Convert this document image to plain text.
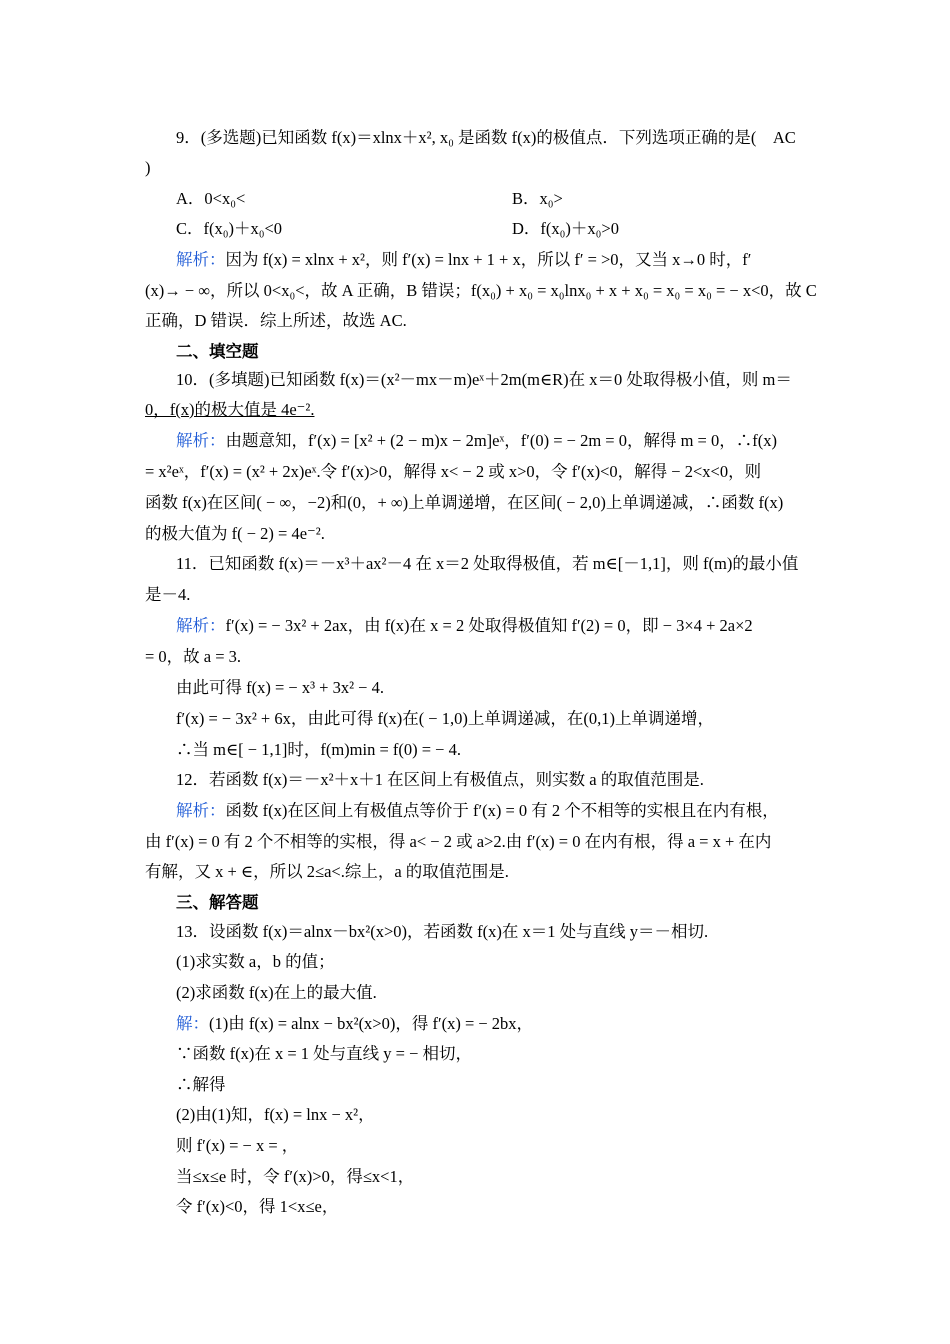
9．(多选题)已知函数 f(x)＝xlnx＋x², x₀ 是函数 f(x)的极值点．下列选项正确的是(　AC
)
A．0<x₀<	B．x₀>
C．f(x₀)＋x₀<0	D．f(x₀)＋x₀>0
解析：因为 f(x) = xlnx + x²，则 f′(x) = lnx + 1 + x，所以 f′ = >0，又当 x→0 时，f′
(x)→ − ∞，所以 0<x₀<，故 A 正确，B 错误；f(x₀) + x₀ = x₀lnx₀ + x + x₀ = x₀ = x₀ = − x<0，故 C
正确，D 错误．综上所述，故选 AC.
二、填空题
10．(多填题)已知函数 f(x)＝(x²－mx－m)eˣ＋2m(m∈R)在 x＝0 处取得极小值，则 m＝
0，f(x)的极大值是 4e⁻².
解析：由题意知，f′(x) = [x² + (2 − m)x − 2m]eˣ，f′(0) = − 2m = 0，解得 m = 0，∴f(x)
= x²eˣ，f′(x) = (x² + 2x)eˣ.令 f′(x)>0，解得 x< − 2 或 x>0，令 f′(x)<0，解得 − 2<x<0，则
函数 f(x)在区间( − ∞，−2)和(0，+ ∞)上单调递增，在区间( − 2,0)上单调递减，∴函数 f(x)
的极大值为 f( − 2) = 4e⁻².
11．已知函数 f(x)＝－x³＋ax²－4 在 x＝2 处取得极值，若 m∈[－1,1]，则 f(m)的最小值
是－4.
解析：f′(x) = − 3x² + 2ax，由 f(x)在 x = 2 处取得极值知 f′(2) = 0，即 − 3×4 + 2a×2
= 0，故 a = 3.
由此可得 f(x) = − x³ + 3x² − 4.
f′(x) = − 3x² + 6x，由此可得 f(x)在( − 1,0)上单调递减，在(0,1)上单调递增，
∴当 m∈[ − 1,1]时，f(m)min = f(0) = − 4.
12．若函数 f(x)＝－x²＋x＋1 在区间上有极值点，则实数 a 的取值范围是.
解析：函数 f(x)在区间上有极值点等价于 f′(x) = 0 有 2 个不相等的实根且在内有根，
由 f′(x) = 0 有 2 个不相等的实根，得 a< − 2 或 a>2.由 f′(x) = 0 在内有根，得 a = x + 在内
有解，又 x + ∈，所以 2≤a<.综上，a 的取值范围是.
三、解答题
13．设函数 f(x)＝alnx－bx²(x>0)，若函数 f(x)在 x＝1 处与直线 y＝－相切.
(1)求实数 a，b 的值；
(2)求函数 f(x)在上的最大值.
解：(1)由 f(x) = alnx − bx²(x>0)，得 f′(x) = − 2bx，
∵函数 f(x)在 x = 1 处与直线 y = − 相切，
∴解得
(2)由(1)知，f(x) = lnx − x²，
则 f′(x) = − x = ，
当≤x≤e 时，令 f′(x)>0，得≤x<1，
令 f′(x)<0，得 1<x≤e，
